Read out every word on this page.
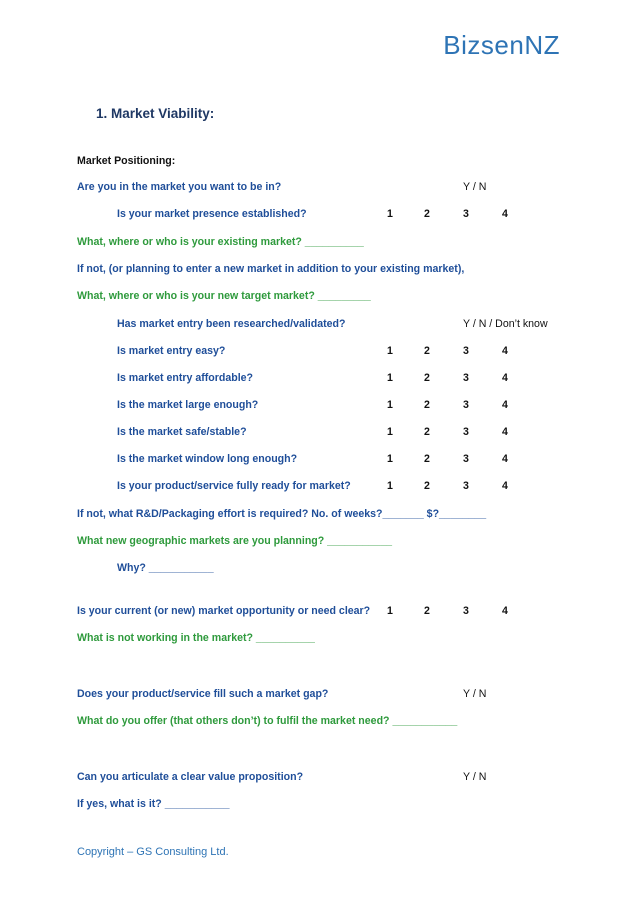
BizsenNZ
1. Market Viability:
Market Positioning:
Are you in the market you want to be in?	Y / N
Is your market presence established?	1	2	3	4
What, where or who is your existing market? __________
If not, (or planning to enter a new market in addition to your existing market),
What, where or who is your new target market? _________
Has market entry been researched/validated?	Y / N / Don’t know
Is market entry easy?	1	2	3	4
Is market entry affordable?	1	2	3	4
Is the market large enough?	1	2	3	4
Is the market safe/stable?	1	2	3	4
Is the market window long enough?	1	2	3	4
Is your product/service fully ready for market?	1	2	3	4
If not, what R&D/Packaging effort is required? No. of weeks?_______ $?________
What new geographic markets are you planning? ___________
Why? ___________
Is your current (or new) market opportunity or need clear? 1	2	3	4
What is not working in the market? __________
Does your product/service fill such a market gap?	Y / N
What do you offer (that others don’t) to fulfil the market need? ___________
Can you articulate a clear value proposition?	Y / N
If yes, what is it? ___________
Copyright – GS Consulting Ltd.
